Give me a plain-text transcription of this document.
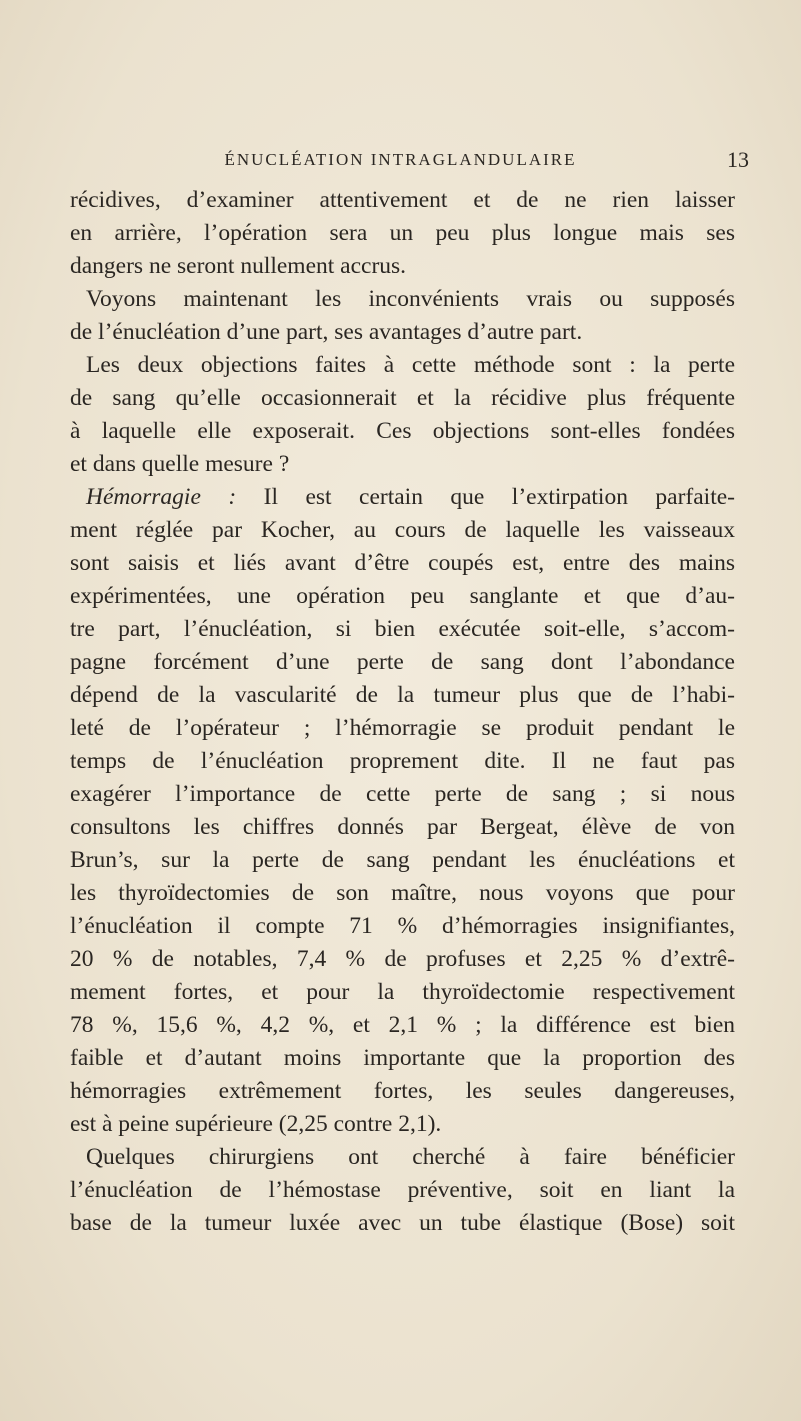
ÉNUCLÉATION INTRAGLANDULAIRE	13
récidives, d’examiner attentivement et de ne rien laisser
en arrière, l’opération sera un peu plus longue mais ses
dangers ne seront nullement accrus.
Voyons maintenant les inconvénients vrais ou supposés
de l’énucléation d’une part, ses avantages d’autre part.
Les deux objections faites à cette méthode sont : la perte
de sang qu’elle occasionnerait et la récidive plus fréquente
à laquelle elle exposerait. Ces objections sont-elles fondées
et dans quelle mesure ?
Hémorragie : Il est certain que l’extirpation parfaite-
ment réglée par Kocher, au cours de laquelle les vaisseaux
sont saisis et liés avant d’être coupés est, entre des mains
expérimentées, une opération peu sanglante et que d’au-
tre part, l’énucléation, si bien exécutée soit-elle, s’accom-
pagne forcément d’une perte de sang dont l’abondance
dépend de la vascularité de la tumeur plus que de l’habi-
leté de l’opérateur ; l’hémorragie se produit pendant le
temps de l’énucléation proprement dite. Il ne faut pas
exagérer l’importance de cette perte de sang ; si nous
consultons les chiffres donnés par Bergeat, élève de von
Brun’s, sur la perte de sang pendant les énucléations et
les thyroïdectomies de son maître, nous voyons que pour
l’énucléation il compte 71 % d’hémorragies insignifiantes,
20 % de notables, 7,4 % de profuses et 2,25 % d’extrê-
mement fortes, et pour la thyroïdectomie respectivement
78 %, 15,6 %, 4,2 %, et 2,1 % ; la différence est bien
faible et d’autant moins importante que la proportion des
hémorragies extrêmement fortes, les seules dangereuses,
est à peine supérieure (2,25 contre 2,1).
Quelques chirurgiens ont cherché à faire bénéficier
l’énucléation de l’hémostase préventive, soit en liant la
base de la tumeur luxée avec un tube élastique (Bose) soit
